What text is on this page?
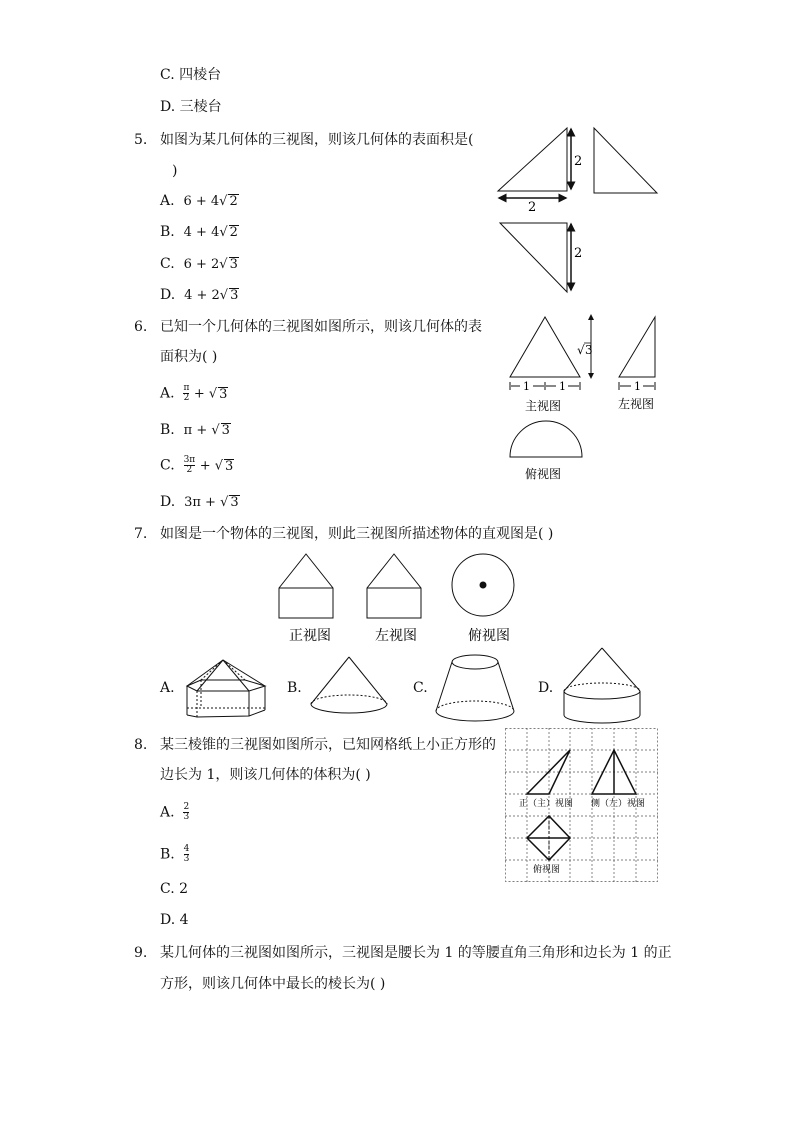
C. 四棱台
D. 三棱台
5. 如图为某几何体的三视图，则该几何体的表面积是(
)
A. 6 + 4√ 2
B. 4 + 4√ 2
C. 6 + 2√ 3
D. 4 + 2√ 3
2
2
2
6. 已知一个几何体的三视图如图所示，则该几何体的表
面积为( )
A. $\frac{\pi}{2}$ + √ 3
B. π + √ 3
C. $\frac{3\pi}{2}$ + √ 3
D. 3π + √ 3
√ 3
1	1
主视图
1
左视图
俯视图
7. 如图是一个物体的三视图，则此三视图所描述物体的直观图是( )
正视图	左视图	俯视图
A.	B.	C.	D.
8. 某三棱锥的三视图如图所示，已知网格纸上小正方形的
边长为 1，则该几何体的体积为( )
A. $\frac{2}{3}$
B. $\frac{4}{3}$
C. 2
D. 4
正（主）视图 侧（左）视图
俯视图
9. 某几何体的三视图如图所示，三视图是腰长为 1 的等腰直角三角形和边长为 1 的正
方形，则该几何体中最长的棱长为( )
